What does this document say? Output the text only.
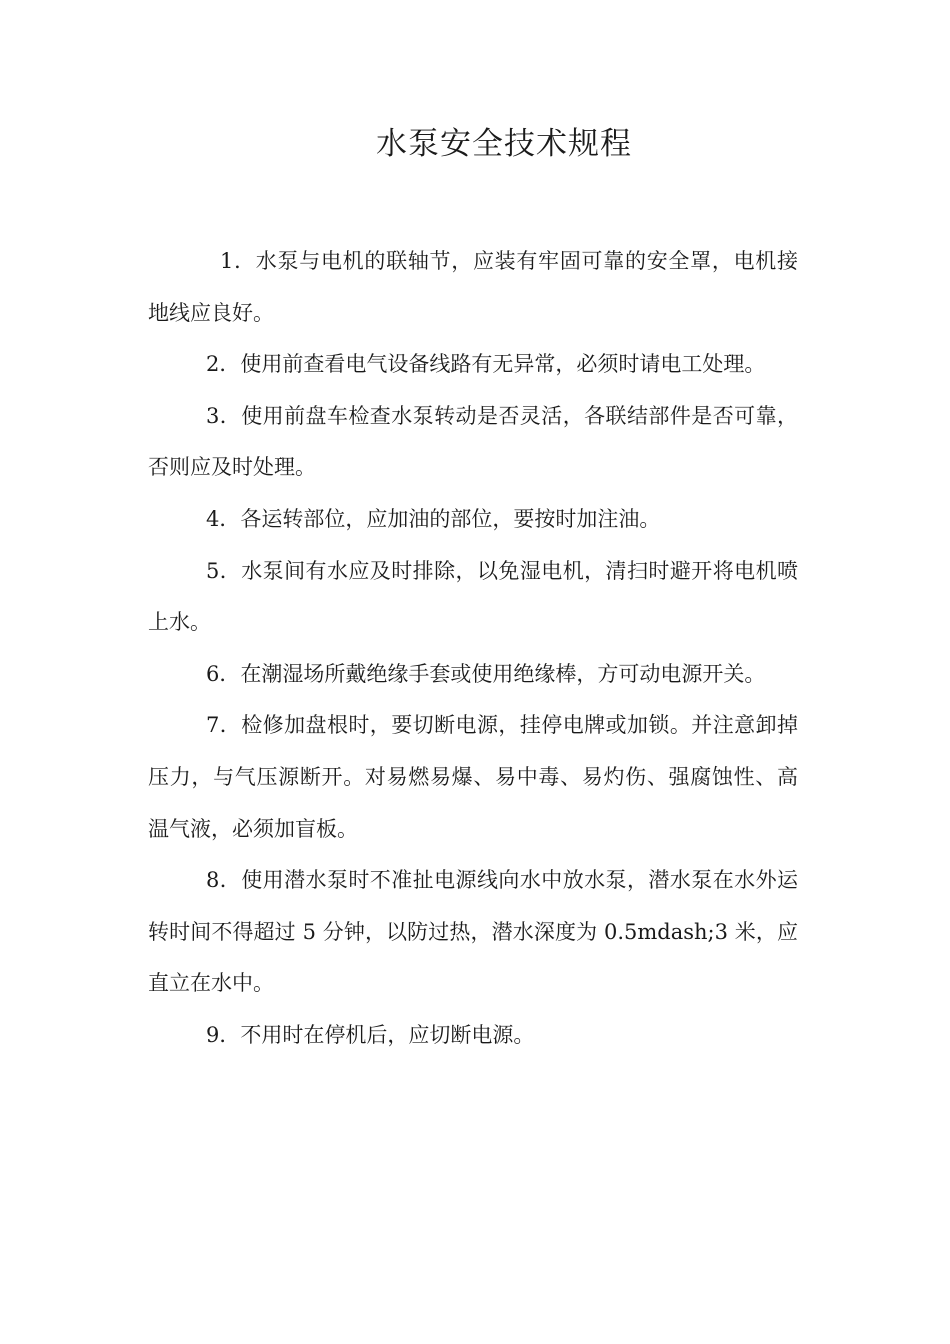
水泵安全技术规程

1．水泵与电机的联轴节，应装有牢固可靠的安全罩，电机接地线应良好。

2．使用前查看电气设备线路有无异常，必须时请电工处理。

3．使用前盘车检查水泵转动是否灵活，各联结部件是否可靠，否则应及时处理。

4．各运转部位，应加油的部位，要按时加注油。

5．水泵间有水应及时排除，以免湿电机，清扫时避开将电机喷上水。

6．在潮湿场所戴绝缘手套或使用绝缘棒，方可动电源开关。

7．检修加盘根时，要切断电源，挂停电牌或加锁。并注意卸掉压力，与气压源断开。对易燃易爆、易中毒、易灼伤、强腐蚀性、高温气液，必须加盲板。

8．使用潜水泵时不准扯电源线向水中放水泵，潜水泵在水外运转时间不得超过 5 分钟，以防过热，潜水深度为 0.5mdash;3 米，应直立在水中。

9．不用时在停机后，应切断电源。
